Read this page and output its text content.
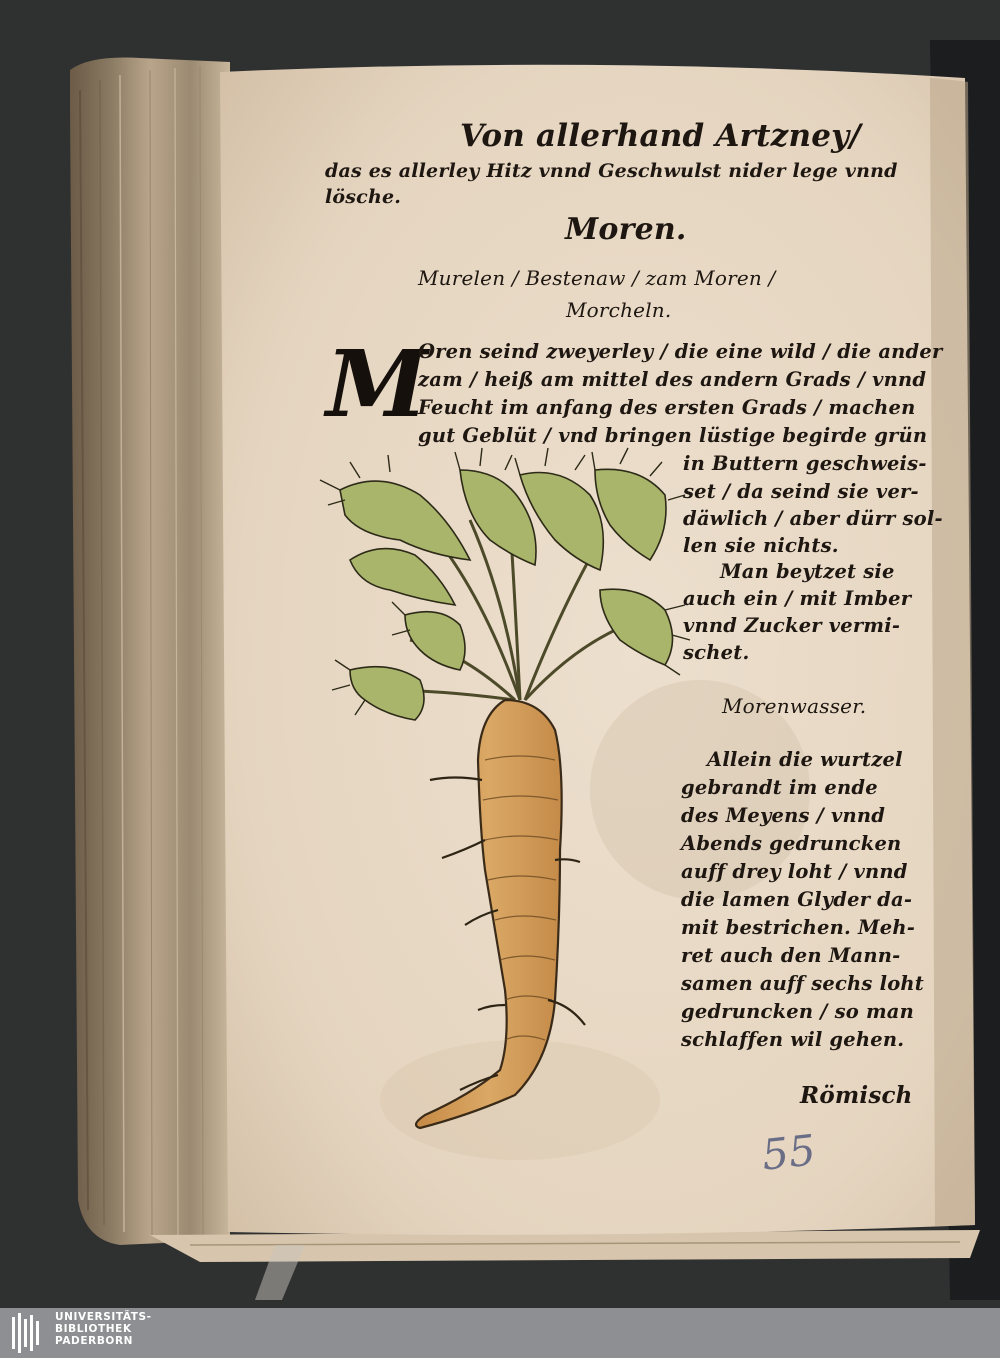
Von allerhand Artzney/
das es allerley Hitz vnnd Geschwulst nider lege vnnd
lösche.
Moren.
Murelen / Bestenaw / zam Moren /
Morcheln.
M
Oren seind zweyerley / die eine wild / die ander
zam / heiß am mittel des andern Grads / vnnd
Feucht im anfang des ersten Grads / machen
gut Geblüt / vnd bringen lüstige begirde grün
in Buttern geschweis-
set / da seind sie ver-
däwlich / aber dürr sol-
len sie nichts.
Man beytzet sie
auch ein / mit Imber
vnnd Zucker vermi-
schet.
Morenwasser.
Allein die wurtzel
gebrandt im ende
des Meyens / vnnd
Abends gedruncken
auff drey loht / vnnd
die lamen Glyder da-
mit bestrichen. Meh-
ret auch den Mann-
samen auff sechs loht
gedruncken / so man
schlaffen wil gehen.
Römisch
55
UNIVERSITÄTS-
BIBLIOTHEK
PADERBORN
